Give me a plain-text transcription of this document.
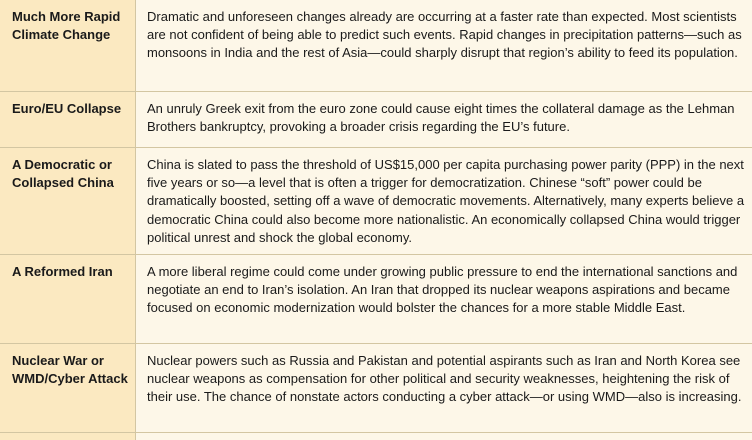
Much More Rapid Climate Change
Dramatic and unforeseen changes already are occurring at a faster rate than expected. Most scientists are not confident of being able to predict such events. Rapid changes in precipitation patterns—such as monsoons in India and the rest of Asia—could sharply disrupt that region’s ability to feed its population.
Euro/EU Collapse	An unruly Greek exit from the euro zone could cause eight times the collateral damage as the Lehman Brothers bankruptcy, provoking a broader crisis regarding the EU’s future.
A Democratic or Collapsed China
China is slated to pass the threshold of US$15,000 per capita purchasing power parity (PPP) in the next five years or so—a level that is often a trigger for democratization. Chinese “soft” power could be dramatically boosted, setting off a wave of democratic movements. Alternatively, many experts believe a democratic China could also become more nationalistic. An economically collapsed China would trigger political unrest and shock the global economy.
A Reformed Iran	A more liberal regime could come under growing public pressure to end the international sanctions and negotiate an end to Iran’s isolation. An Iran that dropped its nuclear weapons aspirations and became focused on economic modernization would bolster the chances for a more stable Middle East.
Nuclear War or WMD/Cyber Attack
Nuclear powers such as Russia and Pakistan and potential aspirants such as Iran and North Korea see nuclear weapons as compensation for other political and security weaknesses, heightening the risk of their use. The chance of nonstate actors conducting a cyber attack—or using WMD—also is increasing.
